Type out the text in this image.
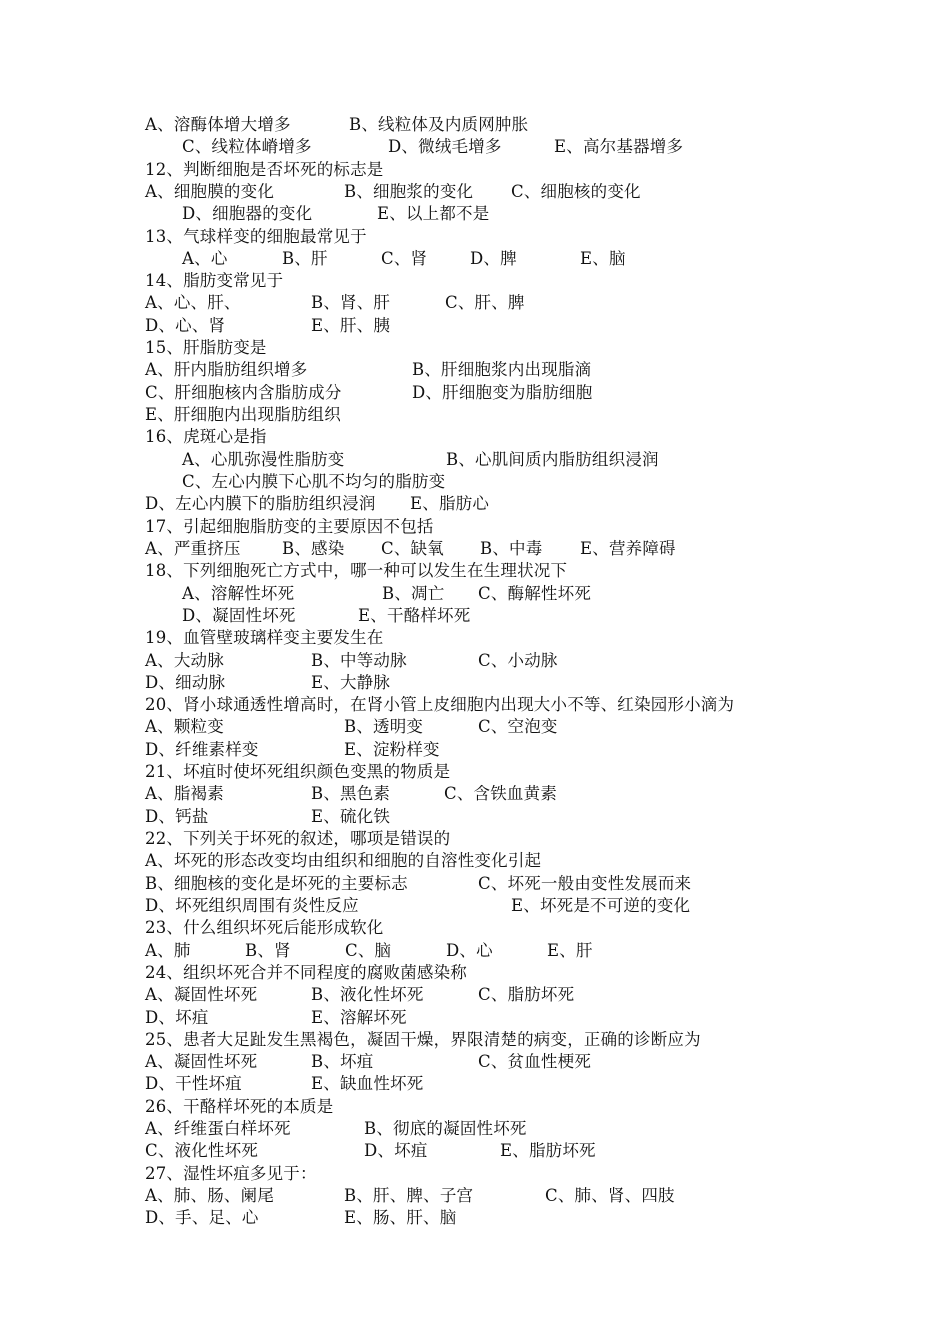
A、溶酶体增大增多	B、线粒体及内质网肿胀
C、线粒体嵴增多	D、微绒毛增多	E、高尔基器增多
12、判断细胞是否坏死的标志是
A、细胞膜的变化	B、细胞浆的变化 C、细胞核的变化
D、细胞器的变化	E、以上都不是
13、气球样变的细胞最常见于
A、心	B、肝	C、肾	D、脾	E、脑
14、脂肪变常见于
A、心、肝、	B、肾、肝	C、肝、脾
D、心、肾	E、肝、胰
15、肝脂肪变是
A、肝内脂肪组织增多	B、肝细胞浆内出现脂滴
C、肝细胞核内含脂肪成分	D、肝细胞变为脂肪细胞
E、肝细胞内出现脂肪组织
16、虎斑心是指
A、心肌弥漫性脂肪变	B、心肌间质内脂肪组织浸润
C、左心内膜下心肌不均匀的脂肪变
D、左心内膜下的脂肪组织浸润 E、脂肪心
17、引起细胞脂肪变的主要原因不包括
A、严重挤压	B、感染 C、缺氧 B、中毒 E、营养障碍
18、下列细胞死亡方式中，哪一种可以发生在生理状况下
A、溶解性坏死	B、凋亡 C、酶解性坏死
D、凝固性坏死	E、干酪样坏死
19、血管壁玻璃样变主要发生在
A、大动脉	B、中等动脉	C、小动脉
D、细动脉	E、大静脉
20、肾小球通透性增高时，在肾小管上皮细胞内出现大小不等、红染园形小滴为
A、颗粒变	B、透明变	C、空泡变
D、纤维素样变	E、淀粉样变
21、坏疽时使坏死组织颜色变黑的物质是
A、脂褐素	B、黑色素	C、含铁血黄素
D、钙盐	E、硫化铁
22、下列关于坏死的叙述，哪项是错误的
A、坏死的形态改变均由组织和细胞的自溶性变化引起
B、细胞核的变化是坏死的主要标志	C、坏死一般由变性发展而来
D、坏死组织周围有炎性反应	E、坏死是不可逆的变化
23、什么组织坏死后能形成软化
A、肺	B、肾	C、脑	D、心	E、肝
24、组织坏死合并不同程度的腐败菌感染称
A、凝固性坏死	B、液化性坏死	C、脂肪坏死
D、坏疽	E、溶解坏死
25、患者大足趾发生黑褐色，凝固干燥，界限清楚的病变，正确的诊断应为
A、凝固性坏死	B、坏疽	C、贫血性梗死
D、干性坏疽	E、缺血性坏死
26、干酪样坏死的本质是
A、纤维蛋白样坏死	B、彻底的凝固性坏死
C、液化性坏死	D、坏疽	E、脂肪坏死
27、湿性坏疽多见于：
A、肺、肠、阑尾	B、肝、脾、子宫	C、肺、肾、四肢
D、手、足、心	E、肠、肝、脑
